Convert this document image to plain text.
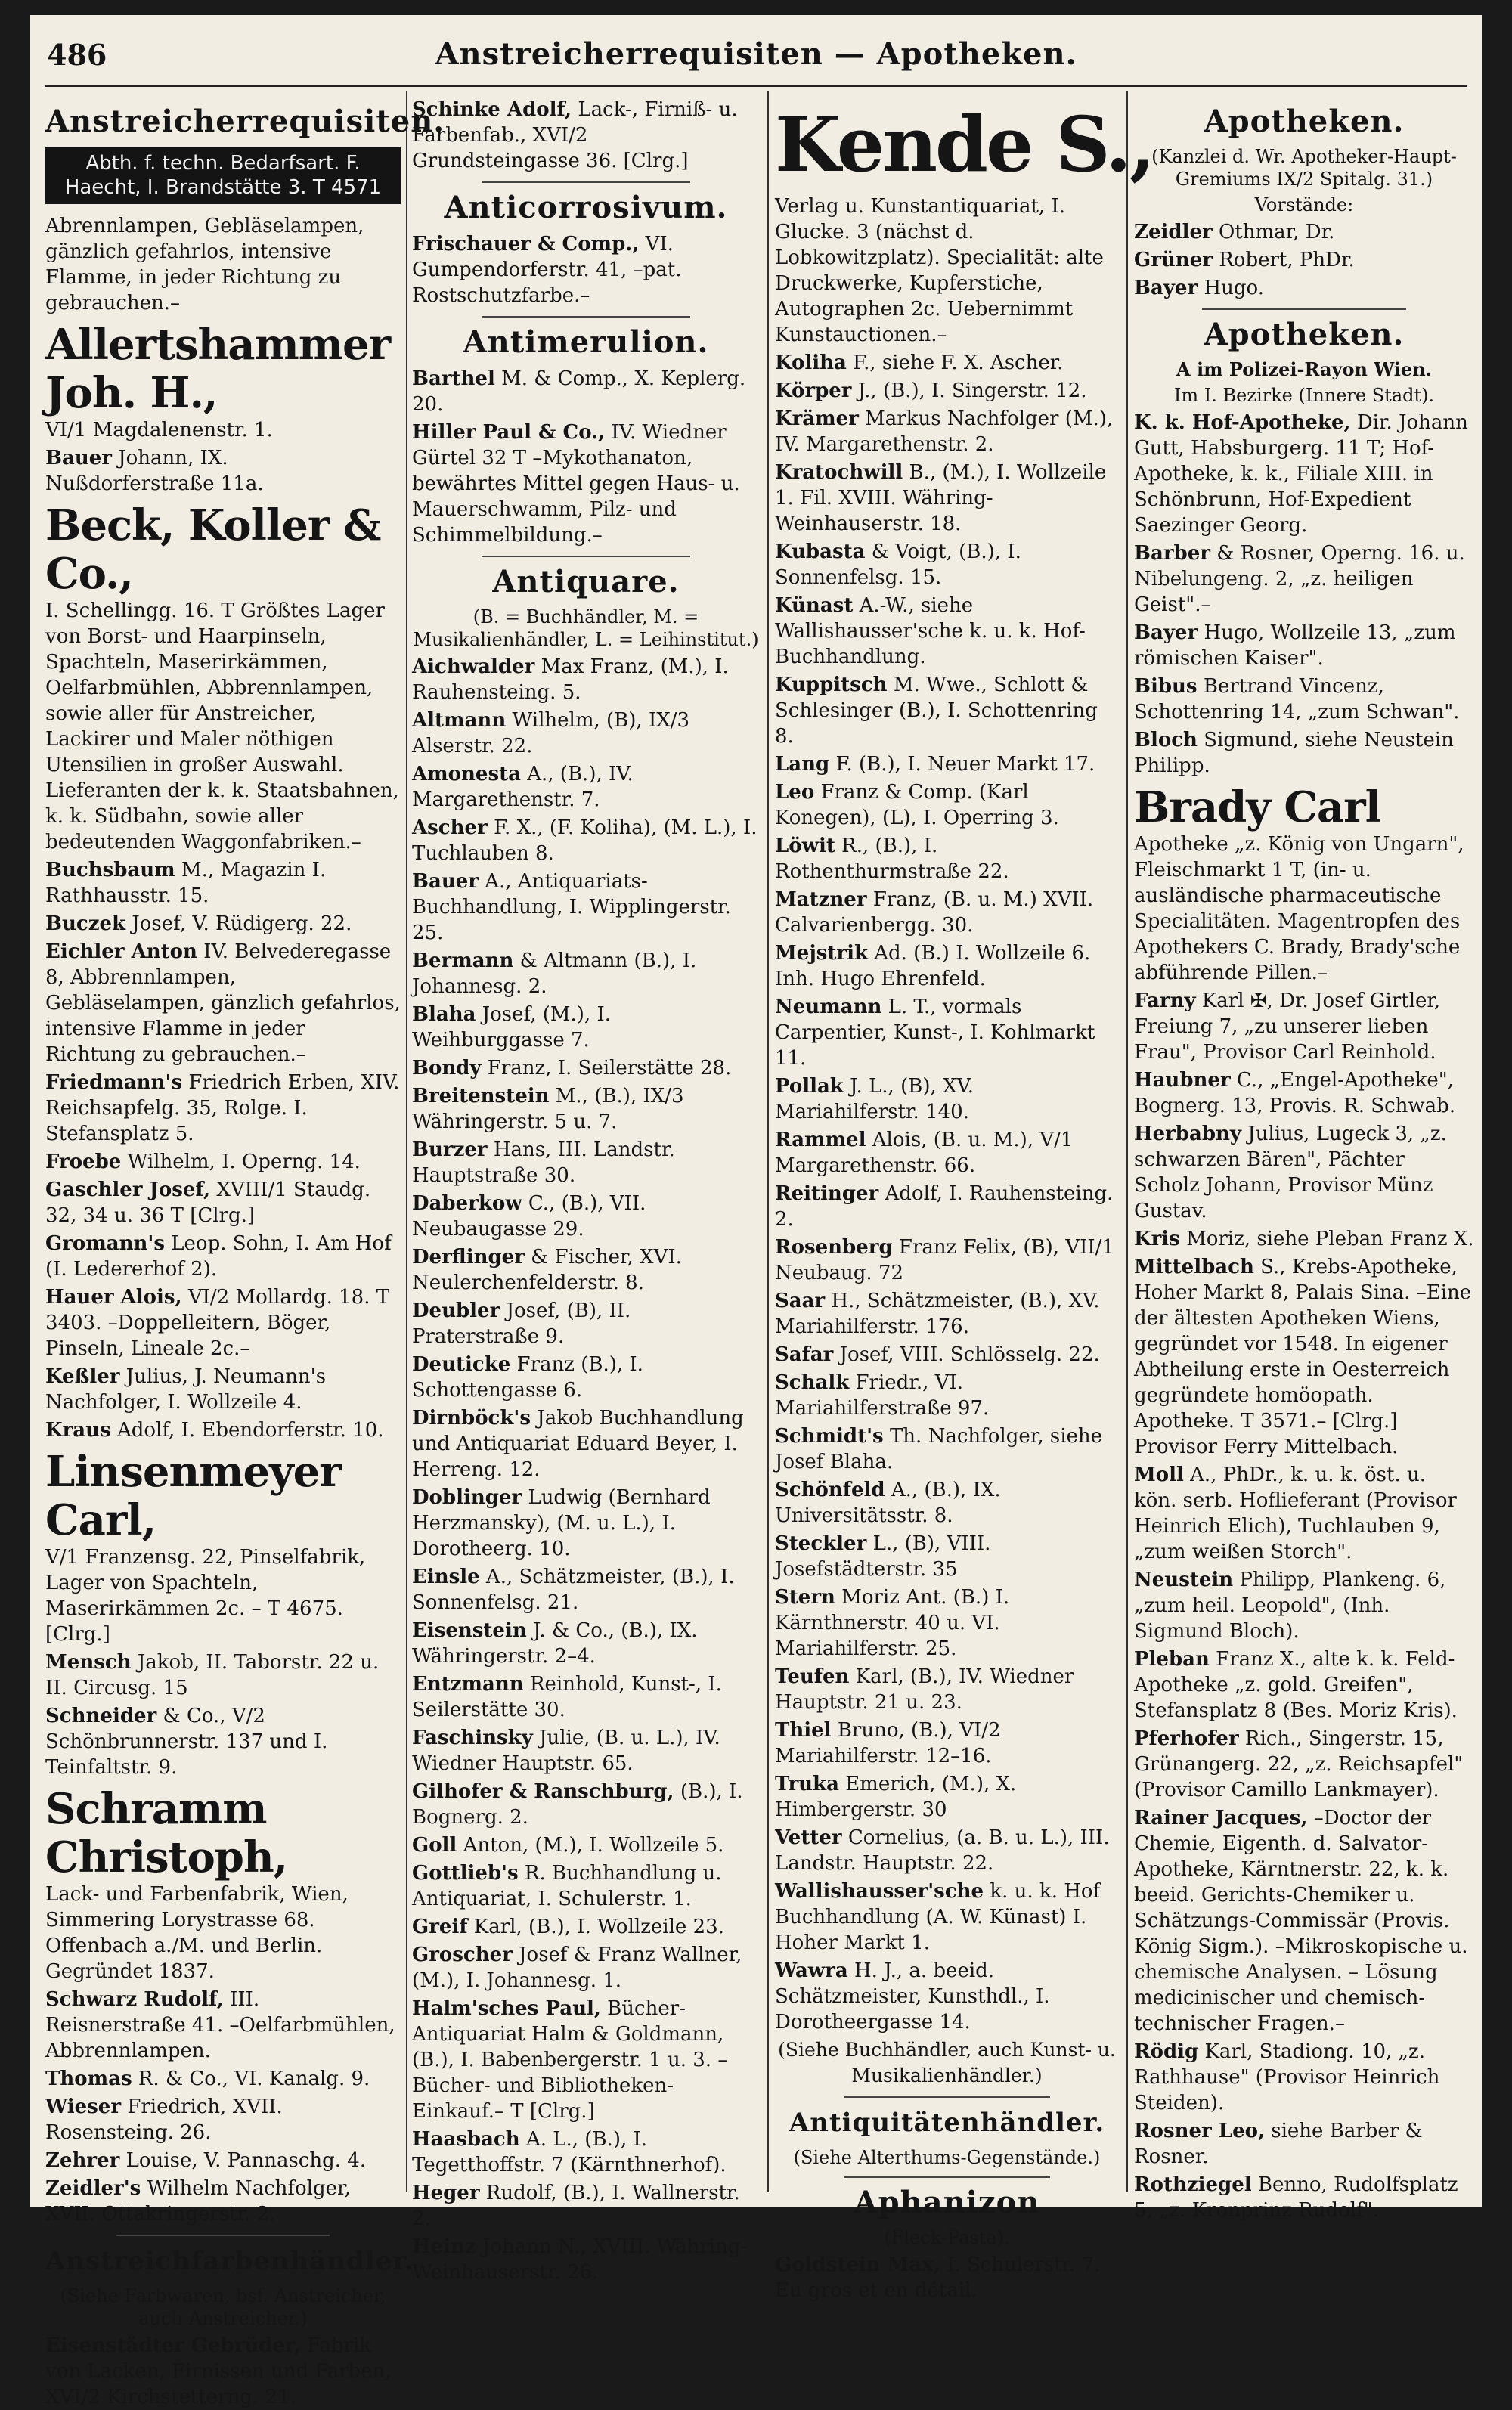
486	Anstreicherrequisiten — Apotheken.
Anstreicherrequisiten.
Abth. f. techn. Bedarfsart. F. Haecht, I. Brandstätte 3. T 4571

Abrennlampen, Gebläselampen, gänzlich gefahrlos, intensive Flamme, in jeder Richtung zu gebrauchen.–

Allertshammer Joh. H.,
VI/1 Magdalenenstr. 1.

Bauer Johann, IX. Nußdorferstraße 11a.

Beck, Koller & Co.,
I. Schellingg. 16. T Größtes Lager von Borst- und Haarpinseln, Spachteln, Maserirkämmen, Oelfarbmühlen, Abbrennlampen, sowie aller für Anstreicher, Lackirer und Maler nöthigen Utensilien in großer Auswahl. Lieferanten der k. k. Staatsbahnen, k. k. Südbahn, sowie aller bedeutenden Waggonfabriken.–

Buchsbaum M., Magazin I. Rathhausstr. 15.

Buczek Josef, V. Rüdigerg. 22.

Eichler Anton IV. Belvederegasse 8, Abbrennlampen, Gebläselampen, gänzlich gefahrlos, intensive Flamme in jeder Richtung zu gebrauchen.–

Friedmann's Friedrich Erben, XIV. Reichsapfelg. 35, Rolge. I. Stefansplatz 5.

Froebe Wilhelm, I. Operng. 14.

Gaschler Josef, XVIII/1 Staudg. 32, 34 u. 36 T [Clrg.]

Gromann's Leop. Sohn, I. Am Hof (I. Ledererhof 2).

Hauer Alois, VI/2 Mollardg. 18. T 3403. –Doppelleitern, Böger, Pinseln, Lineale 2c.–

Keßler Julius, J. Neumann's Nachfolger, I. Wollzeile 4.

Kraus Adolf, I. Ebendorferstr. 10.

Linsenmeyer Carl,
V/1 Franzensg. 22, Pinselfabrik, Lager von Spachteln, Maserirkämmen 2c. – T 4675. [Clrg.]

Mensch Jakob, II. Taborstr. 22 u. II. Circusg. 15

Schneider & Co., V/2 Schönbrunnerstr. 137 und I. Teinfaltstr. 9.

Schramm Christoph,
Lack- und Farbenfabrik, Wien, Simmering Lorystrasse 68. Offenbach a./M. und Berlin. Gegründet 1837.

Schwarz Rudolf, III. Reisnerstraße 41. –Oelfarbmühlen, Abbrennlampen.

Thomas R. & Co., VI. Kanalg. 9.

Wieser Friedrich, XVII. Rosensteing. 26.

Zehrer Louise, V. Pannaschg. 4.

Zeidler's Wilhelm Nachfolger, XVII. Ottakringerstr. 2.

Anstreichfarbenhändler.
(Siehe Farbwaren, bsf. Anstreicher, auch Anstreicher.)

Eisenstädter Gebrüder, Fabrik von Lacken, Firnissen und Farben, XVI/2 Kirchstetterng. 21.

Schinke Adolf, Lack-, Firniß- u. Farbenfab., XVI/2 Grundsteingasse 36. [Clrg.]

Anticorrosivum.

Frischauer & Comp., VI. Gumpendorferstr. 41, –pat. Rostschutzfarbe.–

Antimerulion.

Barthel M. & Comp., X. Keplerg. 20.

Hiller Paul & Co., IV. Wiedner Gürtel 32 T –Mykothanaton, bewährtes Mittel gegen Haus- u. Mauerschwamm, Pilz- und Schimmelbildung.–

Antiquare.
(B. = Buchhändler, M. = Musikalienhändler, L. = Leihinstitut.)

Aichwalder Max Franz, (M.), I. Rauhensteing. 5.

Altmann Wilhelm, (B), IX/3 Alserstr. 22.

Amonesta A., (B.), IV. Margarethenstr. 7.

Ascher F. X., (F. Koliha), (M. L.), I. Tuchlauben 8.

Bauer A., Antiquariats-Buchhandlung, I. Wipplingerstr. 25.

Bermann & Altmann (B.), I. Johannesg. 2.

Blaha Josef, (M.), I. Weihburggasse 7.

Bondy Franz, I. Seilerstätte 28.

Breitenstein M., (B.), IX/3 Währingerstr. 5 u. 7.

Burzer Hans, III. Landstr. Hauptstraße 30.

Daberkow C., (B.), VII. Neubaugasse 29.

Derflinger & Fischer, XVI. Neulerchenfelderstr. 8.

Deubler Josef, (B), II. Praterstraße 9.

Deuticke Franz (B.), I. Schottengasse 6.

Dirnböck's Jakob Buchhandlung und Antiquariat Eduard Beyer, I. Herreng. 12.

Doblinger Ludwig (Bernhard Herzmansky), (M. u. L.), I. Dorotheerg. 10.

Einsle A., Schätzmeister, (B.), I. Sonnenfelsg. 21.

Eisenstein J. & Co., (B.), IX. Währingerstr. 2–4.

Entzmann Reinhold, Kunst-, I. Seilerstätte 30.

Faschinsky Julie, (B. u. L.), IV. Wiedner Hauptstr. 65.

Gilhofer & Ranschburg, (B.), I. Bognerg. 2.

Goll Anton, (M.), I. Wollzeile 5.

Gottlieb's R. Buchhandlung u. Antiquariat, I. Schulerstr. 1.

Greif Karl, (B.), I. Wollzeile 23.

Groscher Josef & Franz Wallner, (M.), I. Johannesg. 1.

Halm'sches Paul, Bücher-Antiquariat Halm & Goldmann, (B.), I. Babenbergerstr. 1 u. 3. –Bücher- und Bibliotheken-Einkauf.– T [Clrg.]

Haasbach A. L., (B.), I. Tegetthoffstr. 7 (Kärnthnerhof).

Heger Rudolf, (B.), I. Wallnerstr. 2.

Heinz Johann N., XVIII. Währing-Weinhauserstr. 26.

Kende S.,

Verlag u. Kunstantiquariat, I. Glucke. 3 (nächst d. Lobkowitzplatz). Specialität: alte Druckwerke, Kupferstiche, Autographen 2c. Uebernimmt Kunstauctionen.–

Koliha F., siehe F. X. Ascher.

Körper J., (B.), I. Singerstr. 12.

Krämer Markus Nachfolger (M.), IV. Margarethenstr. 2.

Kratochwill B., (M.), I. Wollzeile 1. Fil. XVIII. Währing-Weinhauserstr. 18.

Kubasta & Voigt, (B.), I. Sonnenfelsg. 15.

Künast A.-W., siehe Wallishausser'sche k. u. k. Hof-Buchhandlung.

Kuppitsch M. Wwe., Schlott & Schlesinger (B.), I. Schottenring 8.

Lang F. (B.), I. Neuer Markt 17.

Leo Franz & Comp. (Karl Konegen), (L), I. Operring 3.

Löwit R., (B.), I. Rothenthurmstraße 22.

Matzner Franz, (B. u. M.) XVII. Calvarienbergg. 30.

Mejstrik Ad. (B.) I. Wollzeile 6. Inh. Hugo Ehrenfeld.

Neumann L. T., vormals Carpentier, Kunst-, I. Kohlmarkt 11.

Pollak J. L., (B), XV. Mariahilferstr. 140.

Rammel Alois, (B. u. M.), V/1 Margarethenstr. 66.

Reitinger Adolf, I. Rauhensteing. 2.

Rosenberg Franz Felix, (B), VII/1 Neubaug. 72

Saar H., Schätzmeister, (B.), XV. Mariahilferstr. 176.

Safar Josef, VIII. Schlösselg. 22.

Schalk Friedr., VI. Mariahilferstraße 97.

Schmidt's Th. Nachfolger, siehe Josef Blaha.

Schönfeld A., (B.), IX. Universitätsstr. 8.

Steckler L., (B), VIII. Josefstädterstr. 35

Stern Moriz Ant. (B.) I. Kärnthnerstr. 40 u. VI. Mariahilferstr. 25.

Teufen Karl, (B.), IV. Wiedner Hauptstr. 21 u. 23.

Thiel Bruno, (B.), VI/2 Mariahilferstr. 12–16.

Truka Emerich, (M.), X. Himbergerstr. 30

Vetter Cornelius, (a. B. u. L.), III. Landstr. Hauptstr. 22.

Wallishausser'sche k. u. k. Hof Buchhandlung (A. W. Künast) I. Hoher Markt 1.

Wawra H. J., a. beeid. Schätzmeister, Kunsthdl., I. Dorotheergasse 14.

(Siehe Buchhändler, auch Kunst- u. Musikalienhändler.)
Antiquitätenhändler.
(Siehe Alterthums-Gegenstände.)
Aphanizon
(Fleck-Pasta).

Goldstein Max, I. Schulerstr. 7. Eu gros et en détail.

Apotheken.
(Kanzlei d. Wr. Apotheker-Haupt-Gremiums IX/2 Spitalg. 31.)
Vorstände:

Zeidler Othmar, Dr.

Grüner Robert, PhDr.

Bayer Hugo.

Apotheken.
A im Polizei-Rayon Wien.
Im I. Bezirke (Innere Stadt).

K. k. Hof-Apotheke, Dir. Johann Gutt, Habsburgerg. 11 T; Hof-Apotheke, k. k., Filiale XIII. in Schönbrunn, Hof-Expedient Saezinger Georg.

Barber & Rosner, Operng. 16. u. Nibelungeng. 2, „z. heiligen Geist".–

Bayer Hugo, Wollzeile 13, „zum römischen Kaiser".

Bibus Bertrand Vincenz, Schottenring 14, „zum Schwan".

Bloch Sigmund, siehe Neustein Philipp.

Brady Carl
Apotheke „z. König von Ungarn", Fleischmarkt 1 T, (in- u. ausländische pharmaceutische Specialitäten. Magentropfen des Apothekers C. Brady, Brady'sche abführende Pillen.–

Farny Karl ✠, Dr. Josef Girtler, Freiung 7, „zu unserer lieben Frau", Provisor Carl Reinhold.

Haubner C., „Engel-Apotheke", Bognerg. 13, Provis. R. Schwab.

Herbabny Julius, Lugeck 3, „z. schwarzen Bären", Pächter Scholz Johann, Provisor Münz Gustav.

Kris Moriz, siehe Pleban Franz X.

Mittelbach S., Krebs-Apotheke, Hoher Markt 8, Palais Sina. –Eine der ältesten Apotheken Wiens, gegründet vor 1548. In eigener Abtheilung erste in Oesterreich gegründete homöopath. Apotheke. T 3571.– [Clrg.] Provisor Ferry Mittelbach.

Moll A., PhDr., k. u. k. öst. u. kön. serb. Hoflieferant (Provisor Heinrich Elich), Tuchlauben 9, „zum weißen Storch".

Neustein Philipp, Plankeng. 6, „zum heil. Leopold", (Inh. Sigmund Bloch).

Pleban Franz X., alte k. k. Feld-Apotheke „z. gold. Greifen", Stefansplatz 8 (Bes. Moriz Kris).

Pferhofer Rich., Singerstr. 15, Grünangerg. 22, „z. Reichsapfel" (Provisor Camillo Lankmayer).

Rainer Jacques, –Doctor der Chemie, Eigenth. d. Salvator-Apotheke, Kärntnerstr. 22, k. k. beeid. Gerichts-Chemiker u. Schätzungs-Commissär (Provis. König Sigm.). –Mikroskopische u. chemische Analysen. – Lösung medicinischer und chemisch-technischer Fragen.–

Rödig Karl, Stadiong. 10, „z. Rathhause" (Provisor Heinrich Steiden).

Rosner Leo, siehe Barber & Rosner.

Rothziegel Benno, Rudolfsplatz 5, „z. Kronprinz Rudolf".
